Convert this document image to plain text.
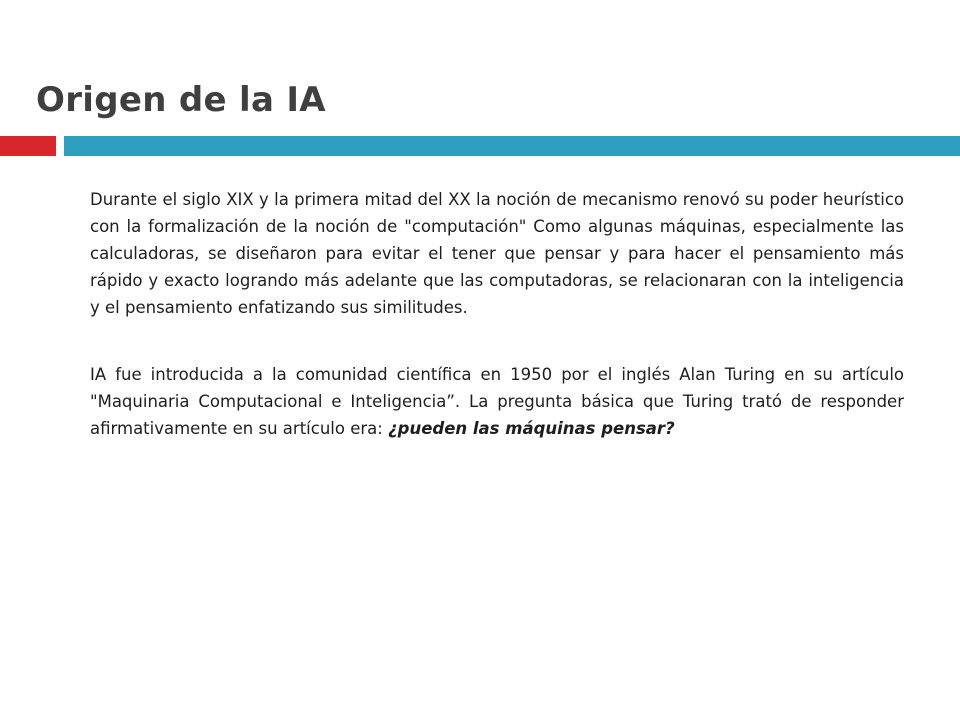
Origen de la IA

Durante el siglo XIX y la primera mitad del XX la noción de mecanismo renovó su poder heurístico con la formalización de la noción de "computación" Como algunas máquinas, especialmente las calculadoras, se diseñaron para evitar el tener que pensar y para hacer el pensamiento más rápido y exacto logrando más adelante que las computadoras, se relacionaran con la inteligencia y el pensamiento enfatizando sus similitudes.

IA fue introducida a la comunidad científica en 1950 por el inglés Alan Turing en su artículo "Maquinaria Computacional e Inteligencia”. La pregunta básica que Turing trató de responder afirmativamente en su artículo era: ¿pueden las máquinas pensar?
